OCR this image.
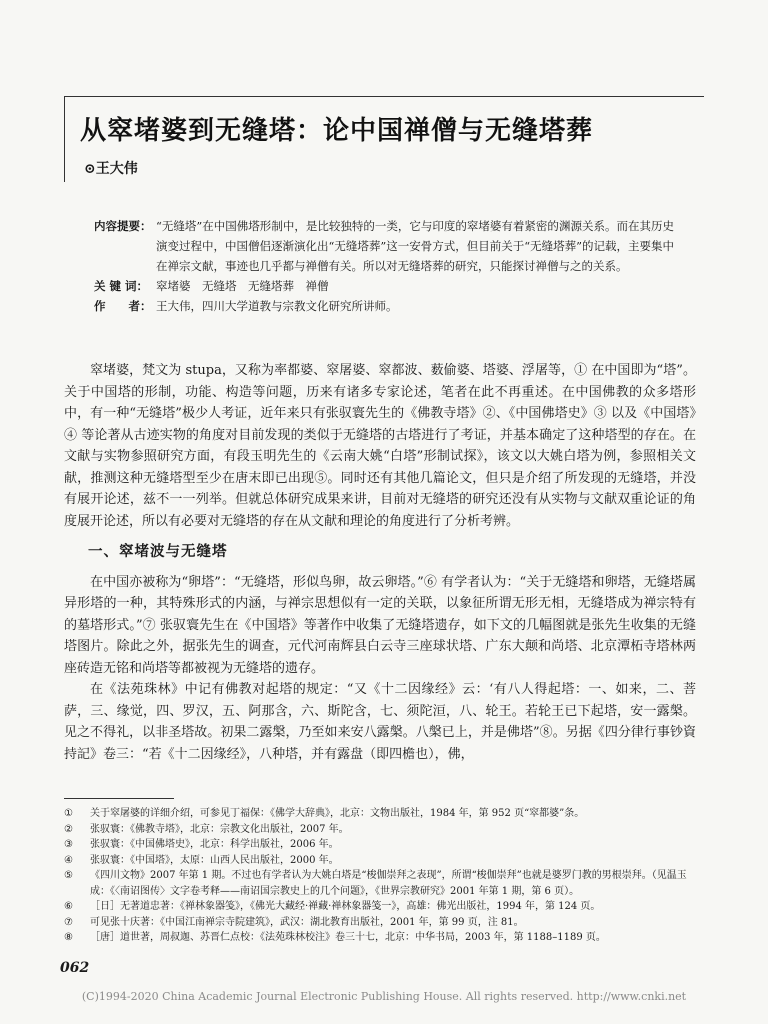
从窣堵婆到无缝塔：论中国禅僧与无缝塔葬
⊙王大伟
内容提要： “无缝塔”在中国佛塔形制中，是比较独特的一类，它与印度的窣堵婆有着紧密的渊源关系。而在其历史演变过程中，中国僧侣逐渐演化出“无缝塔葬”这一安骨方式，但目前关于“无缝塔葬”的记载，主要集中在禅宗文献，事迹也几乎都与禅僧有关。所以对无缝塔葬的研究，只能探讨禅僧与之的关系。
关 键 词： 窣堵婆　无缝塔　无缝塔葬　禅僧
作　　者： 王大伟，四川大学道教与宗教文化研究所讲师。

窣堵婆，梵文为 stupa，又称为率都婆、窣屠婆、窣都波、薮偷婆、塔婆、浮屠等，① 在中国即为“塔”。关于中国塔的形制，功能、构造等问题，历来有诸多专家论述，笔者在此不再重述。在中国佛教的众多塔形中，有一种“无缝塔”极少人考证，近年来只有张驭寰先生的《佛教寺塔》②、《中国佛塔史》③ 以及《中国塔》④ 等论著从古迹实物的角度对目前发现的类似于无缝塔的古塔进行了考证，并基本确定了这种塔型的存在。在文献与实物参照研究方面，有段玉明先生的《云南大姚“白塔”形制试探》，该文以大姚白塔为例，参照相关文献，推测这种无缝塔型至少在唐末即已出现⑤。同时还有其他几篇论文，但只是介绍了所发现的无缝塔，并没有展开论述，兹不一一列举。但就总体研究成果来讲，目前对无缝塔的研究还没有从实物与文献双重论证的角度展开论述，所以有必要对无缝塔的存在从文献和理论的角度进行了分析考辨。

一、窣堵波与无缝塔

在中国亦被称为“卵塔”：“无缝塔，形似鸟卵，故云卵塔。”⑥ 有学者认为：“关于无缝塔和卵塔，无缝塔属异形塔的一种，其特殊形式的内涵，与禅宗思想似有一定的关联，以象征所谓无形无相，无缝塔成为禅宗特有的墓塔形式。”⑦ 张驭寰先生在《中国塔》等著作中收集了无缝塔遗存，如下文的几幅图就是张先生收集的无缝塔图片。除此之外，据张先生的调查，元代河南辉县白云寺三座球状塔、广东大颠和尚塔、北京潭柘寺塔林两座砖造无铭和尚塔等都被视为无缝塔的遗存。

在《法苑珠林》中记有佛教对起塔的规定：“又《十二因缘经》云：‘有八人得起塔：一、如来，二、菩萨，三、缘觉，四、罗汉，五、阿那含，六、斯陀含，七、须陀洹，八、轮王。若轮王已下起塔，安一露槃。见之不得礼，以非圣塔故。初果二露槃，乃至如来安八露槃。八槃已上，并是佛塔”⑧。另据《四分律行事钞資持記》卷三：“若《十二因缘经》，八种塔，并有露盘（即四檐也），佛，

①	关于窣屠婆的详细介绍，可参见丁福保：《佛学大辞典》，北京：文物出版社，1984 年，第 952 页“窣都婆”条。
②	张驭寰：《佛教寺塔》，北京：宗教文化出版社，2007 年。
③	张驭寰：《中国佛塔史》，北京：科学出版社，2006 年。
④	张驭寰：《中国塔》，太原：山西人民出版社，2000 年。
⑤	《四川文物》2007 年第 1 期。不过也有学者认为大姚白塔是“梭伽崇拜之表现”，所谓“梭伽崇拜”也就是婆罗门教的男根崇拜。（见温玉成：《〈南诏图传〉文字卷考释——南诏国宗教史上的几个问题》，《世界宗教研究》2001 年第 1 期，第 6 页）。
⑥	［日］无著道忠著：《禅林象器笺》，《佛光大藏经·禅藏·禅林象器笺一》，高雄：佛光出版社，1994 年，第 124 页。
⑦	可见张十庆著：《中国江南禅宗寺院建筑》，武汉：湖北教育出版社，2001 年，第 99 页，注 81。
⑧	［唐］道世著，周叔迦、苏晋仁点校：《法苑珠林校注》卷三十七，北京：中华书局，2003 年，第 1188–1189 页。
062
(C)1994-2020 China Academic Journal Electronic Publishing House. All rights reserved. http://www.cnki.net
